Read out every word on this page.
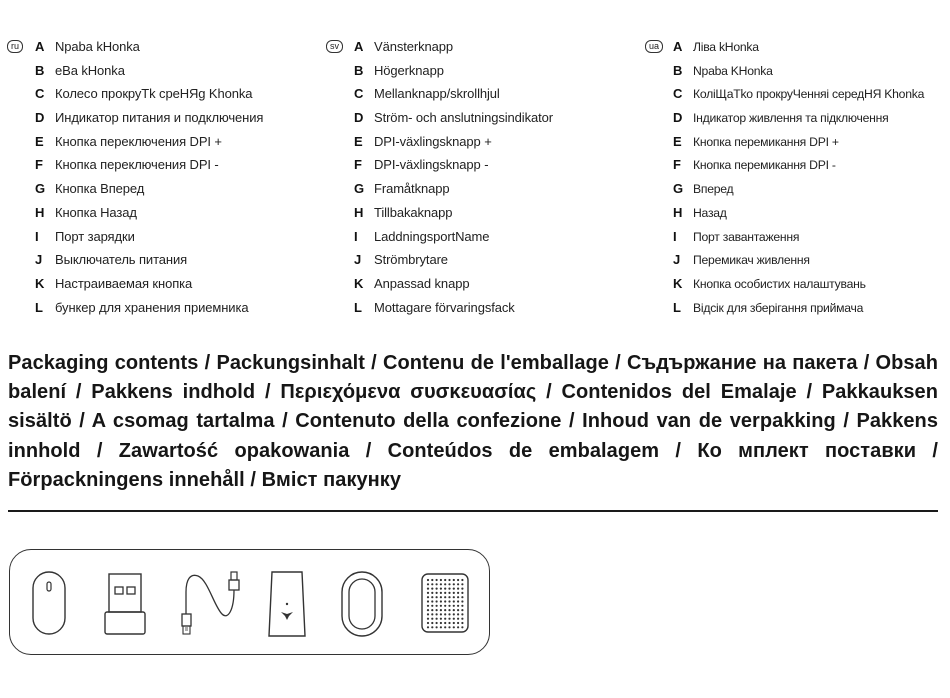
ru	A Npaba kHonka
B eBa kHonka
C Колесо прокруТk среНЯg Khonka
D Индикатор питания и подключения
E Кнопка переключения DPI +
F Кнопка переключения DPI -
G Кнопка Вперед
H Кнопка Назад
I	Порт зарядки
J Выключатель питания
K Настраиваемая кнопка
L бункер для хранения приемника
sv	A Vänsterknapp
B Högerknapp
C Mellanknapp/skrollhjul
D Ström- och anslutningsindikator
E DPI-växlingsknapp +
F DPI-växlingsknapp -
G Framåtknapp
H Tillbakaknapp
I	LaddningsportName
J Strömbrytare
K Anpassad knapp
L Mottagare förvaringsfack
ua	A Ліва kHonka
B Npaba KHonka
C КоліЩаТko прокруЧенняі середНЯ Khonka
D Індикатор живлення та підключення
E Кнопка перемикання DPI +
F Кнопка перемикання DPI -
G Вперед
H Назад
I	Порт завантаження
J	Перемикач живлення
K Кнопка особистих налаштувань
L Відсік для зберігання приймача

Packaging contents / Packungsinhalt / Contenu de l'emballage / Съдържание на пакета / Obsah balení / Pakkens indhold / Περιεχόμενα συσκευασίας / Contenidos del Emalaje / Pakkauksen sisältö / A csomag tartalma / Contenuto della confezione / Inhoud van de verpakking / Pakkens innhold / Zawartość opakowania / Conteúdos de embalagem / Ко мплект поставки / Förpackningens innehåll / Вміст пакунку
